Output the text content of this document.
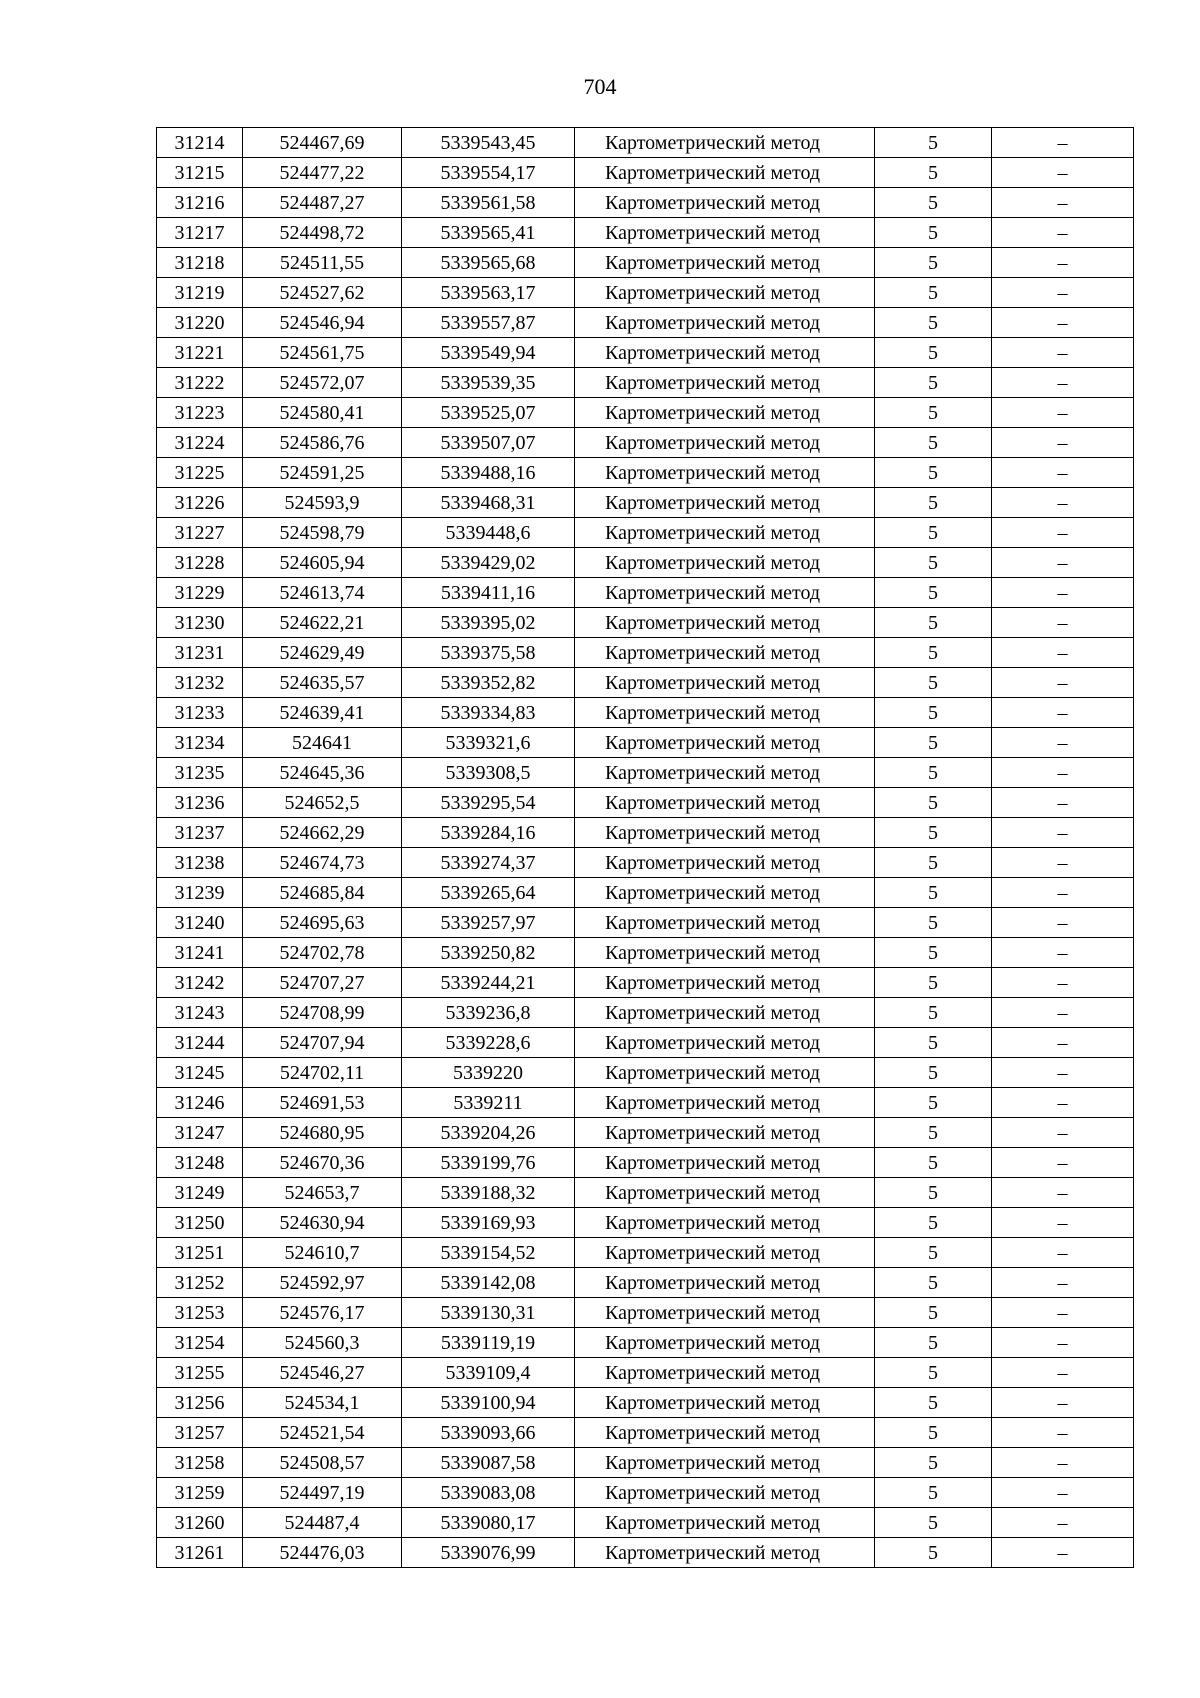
704
31214	524467,69	5339543,45	Картометрический метод	5	–
31215	524477,22	5339554,17	Картометрический метод	5	–
31216	524487,27	5339561,58	Картометрический метод	5	–
31217	524498,72	5339565,41	Картометрический метод	5	–
31218	524511,55	5339565,68	Картометрический метод	5	–
31219	524527,62	5339563,17	Картометрический метод	5	–
31220	524546,94	5339557,87	Картометрический метод	5	–
31221	524561,75	5339549,94	Картометрический метод	5	–
31222	524572,07	5339539,35	Картометрический метод	5	–
31223	524580,41	5339525,07	Картометрический метод	5	–
31224	524586,76	5339507,07	Картометрический метод	5	–
31225	524591,25	5339488,16	Картометрический метод	5	–
31226	524593,9	5339468,31	Картометрический метод	5	–
31227	524598,79	5339448,6	Картометрический метод	5	–
31228	524605,94	5339429,02	Картометрический метод	5	–
31229	524613,74	5339411,16	Картометрический метод	5	–
31230	524622,21	5339395,02	Картометрический метод	5	–
31231	524629,49	5339375,58	Картометрический метод	5	–
31232	524635,57	5339352,82	Картометрический метод	5	–
31233	524639,41	5339334,83	Картометрический метод	5	–
31234	524641	5339321,6	Картометрический метод	5	–
31235	524645,36	5339308,5	Картометрический метод	5	–
31236	524652,5	5339295,54	Картометрический метод	5	–
31237	524662,29	5339284,16	Картометрический метод	5	–
31238	524674,73	5339274,37	Картометрический метод	5	–
31239	524685,84	5339265,64	Картометрический метод	5	–
31240	524695,63	5339257,97	Картометрический метод	5	–
31241	524702,78	5339250,82	Картометрический метод	5	–
31242	524707,27	5339244,21	Картометрический метод	5	–
31243	524708,99	5339236,8	Картометрический метод	5	–
31244	524707,94	5339228,6	Картометрический метод	5	–
31245	524702,11	5339220	Картометрический метод	5	–
31246	524691,53	5339211	Картометрический метод	5	–
31247	524680,95	5339204,26	Картометрический метод	5	–
31248	524670,36	5339199,76	Картометрический метод	5	–
31249	524653,7	5339188,32	Картометрический метод	5	–
31250	524630,94	5339169,93	Картометрический метод	5	–
31251	524610,7	5339154,52	Картометрический метод	5	–
31252	524592,97	5339142,08	Картометрический метод	5	–
31253	524576,17	5339130,31	Картометрический метод	5	–
31254	524560,3	5339119,19	Картометрический метод	5	–
31255	524546,27	5339109,4	Картометрический метод	5	–
31256	524534,1	5339100,94	Картометрический метод	5	–
31257	524521,54	5339093,66	Картометрический метод	5	–
31258	524508,57	5339087,58	Картометрический метод	5	–
31259	524497,19	5339083,08	Картометрический метод	5	–
31260	524487,4	5339080,17	Картометрический метод	5	–
31261	524476,03	5339076,99	Картометрический метод	5	–
